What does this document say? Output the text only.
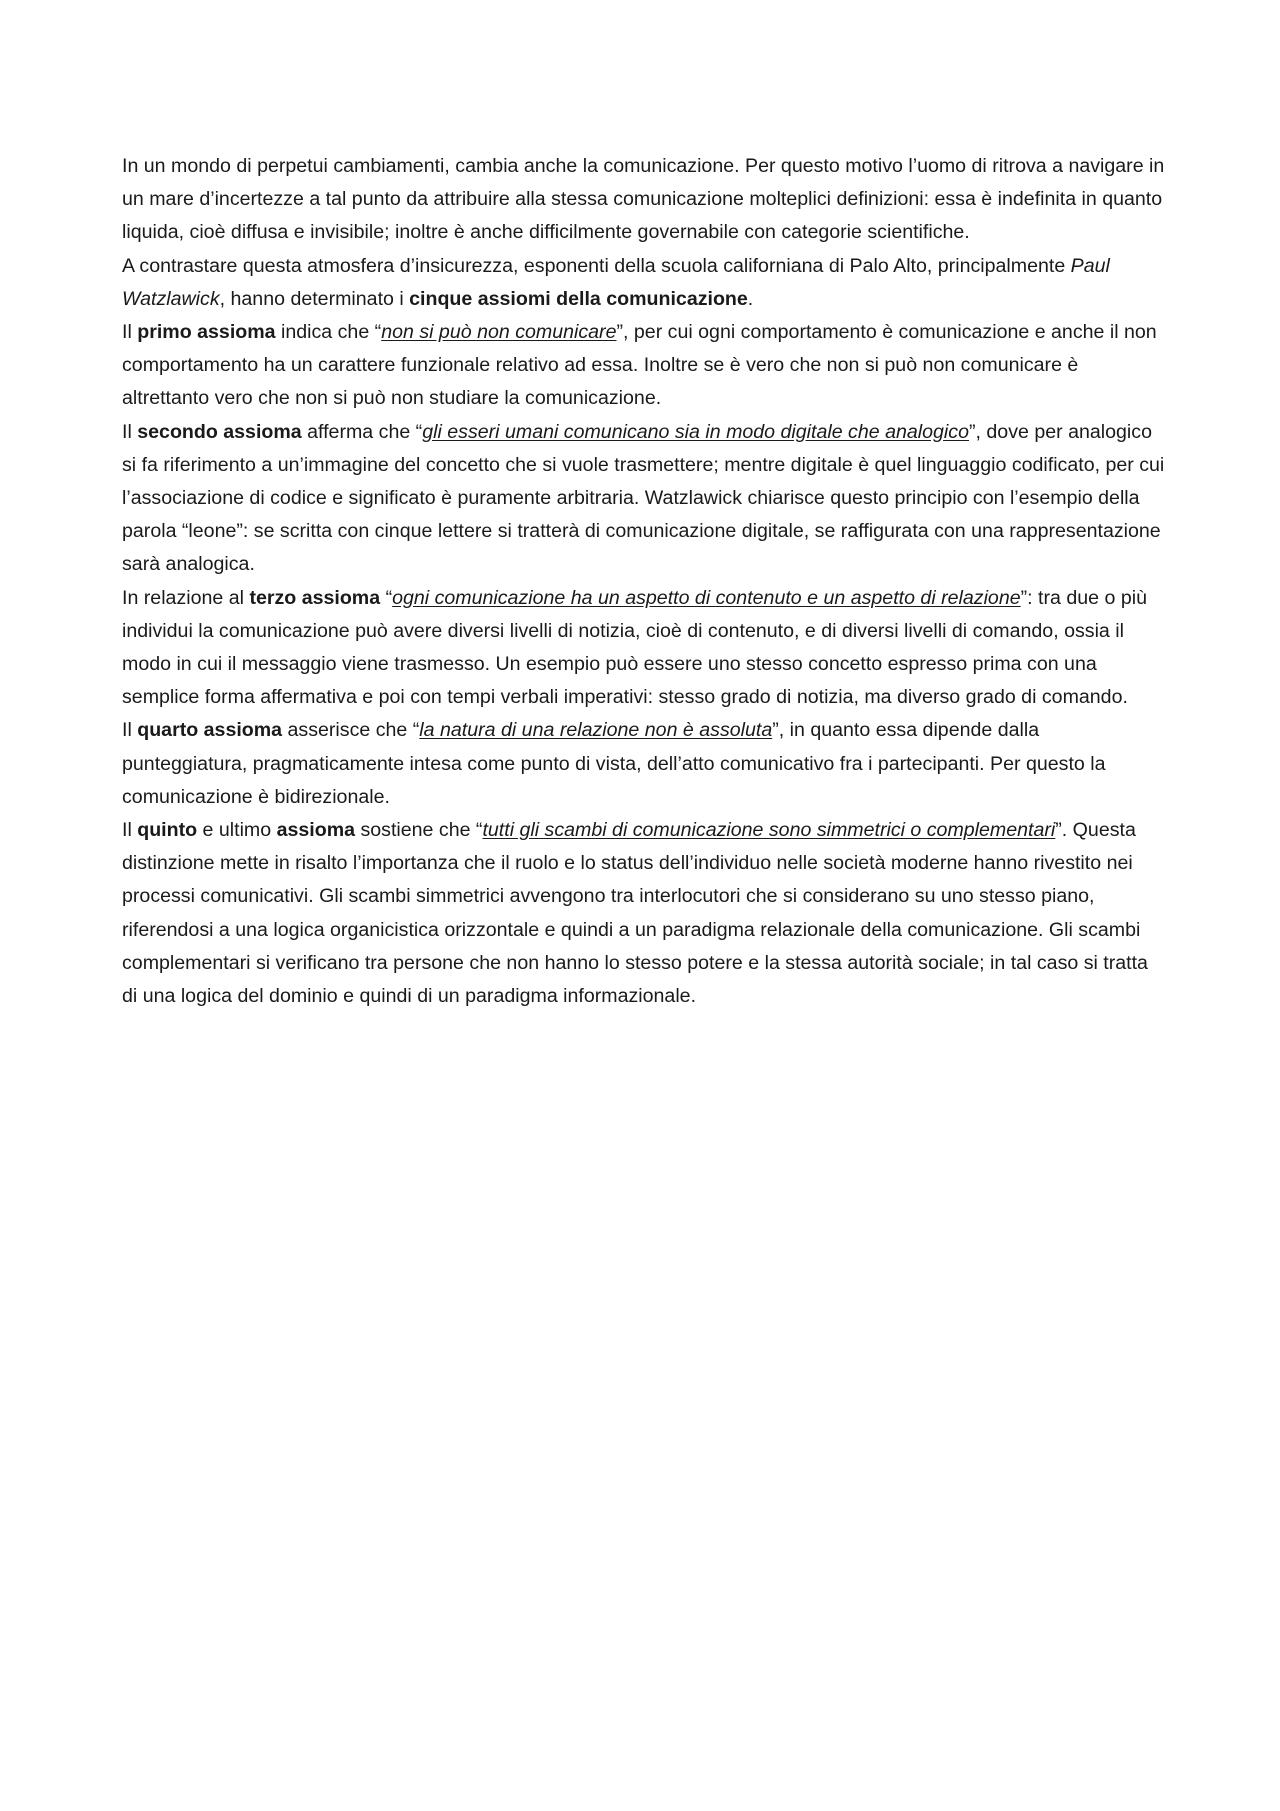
In un mondo di perpetui cambiamenti, cambia anche la comunicazione. Per questo motivo l’uomo di ritrova a navigare in un mare d’incertezze a tal punto da attribuire alla stessa comunicazione molteplici definizioni: essa è indefinita in quanto liquida, cioè diffusa e invisibile; inoltre è anche difficilmente governabile con categorie scientifiche.

A contrastare questa atmosfera d’insicurezza, esponenti della scuola californiana di Palo Alto, principalmente Paul Watzlawick, hanno determinato i cinque assiomi della comunicazione.

Il primo assioma indica che “non si può non comunicare”, per cui ogni comportamento è comunicazione e anche il non comportamento ha un carattere funzionale relativo ad essa. Inoltre se è vero che non si può non comunicare è altrettanto vero che non si può non studiare la comunicazione.

Il secondo assioma afferma che “gli esseri umani comunicano sia in modo digitale che analogico”, dove per analogico si fa riferimento a un’immagine del concetto che si vuole trasmettere; mentre digitale è quel linguaggio codificato, per cui l’associazione di codice e significato è puramente arbitraria. Watzlawick chiarisce questo principio con l’esempio della parola “leone”: se scritta con cinque lettere si tratterà di comunicazione digitale, se raffigurata con una rappresentazione sarà analogica.

In relazione al terzo assioma “ogni comunicazione ha un aspetto di contenuto e un aspetto di relazione”: tra due o più individui la comunicazione può avere diversi livelli di notizia, cioè di contenuto, e di diversi livelli di comando, ossia il modo in cui il messaggio viene trasmesso. Un esempio può essere uno stesso concetto espresso prima con una semplice forma affermativa e poi con tempi verbali imperativi: stesso grado di notizia, ma diverso grado di comando.

Il quarto assioma asserisce che “la natura di una relazione non è assoluta”, in quanto essa dipende dalla punteggiatura, pragmaticamente intesa come punto di vista, dell’atto comunicativo fra i partecipanti. Per questo la comunicazione è bidirezionale.

Il quinto e ultimo assioma sostiene che “tutti gli scambi di comunicazione sono simmetrici o complementari”. Questa distinzione mette in risalto l’importanza che il ruolo e lo status dell’individuo nelle società moderne hanno rivestito nei processi comunicativi. Gli scambi simmetrici avvengono tra interlocutori che si considerano su uno stesso piano, riferendosi a una logica organicistica orizzontale e quindi a un paradigma relazionale della comunicazione. Gli scambi complementari si verificano tra persone che non hanno lo stesso potere e la stessa autorità sociale; in tal caso si tratta di una logica del dominio e quindi di un paradigma informazionale.
